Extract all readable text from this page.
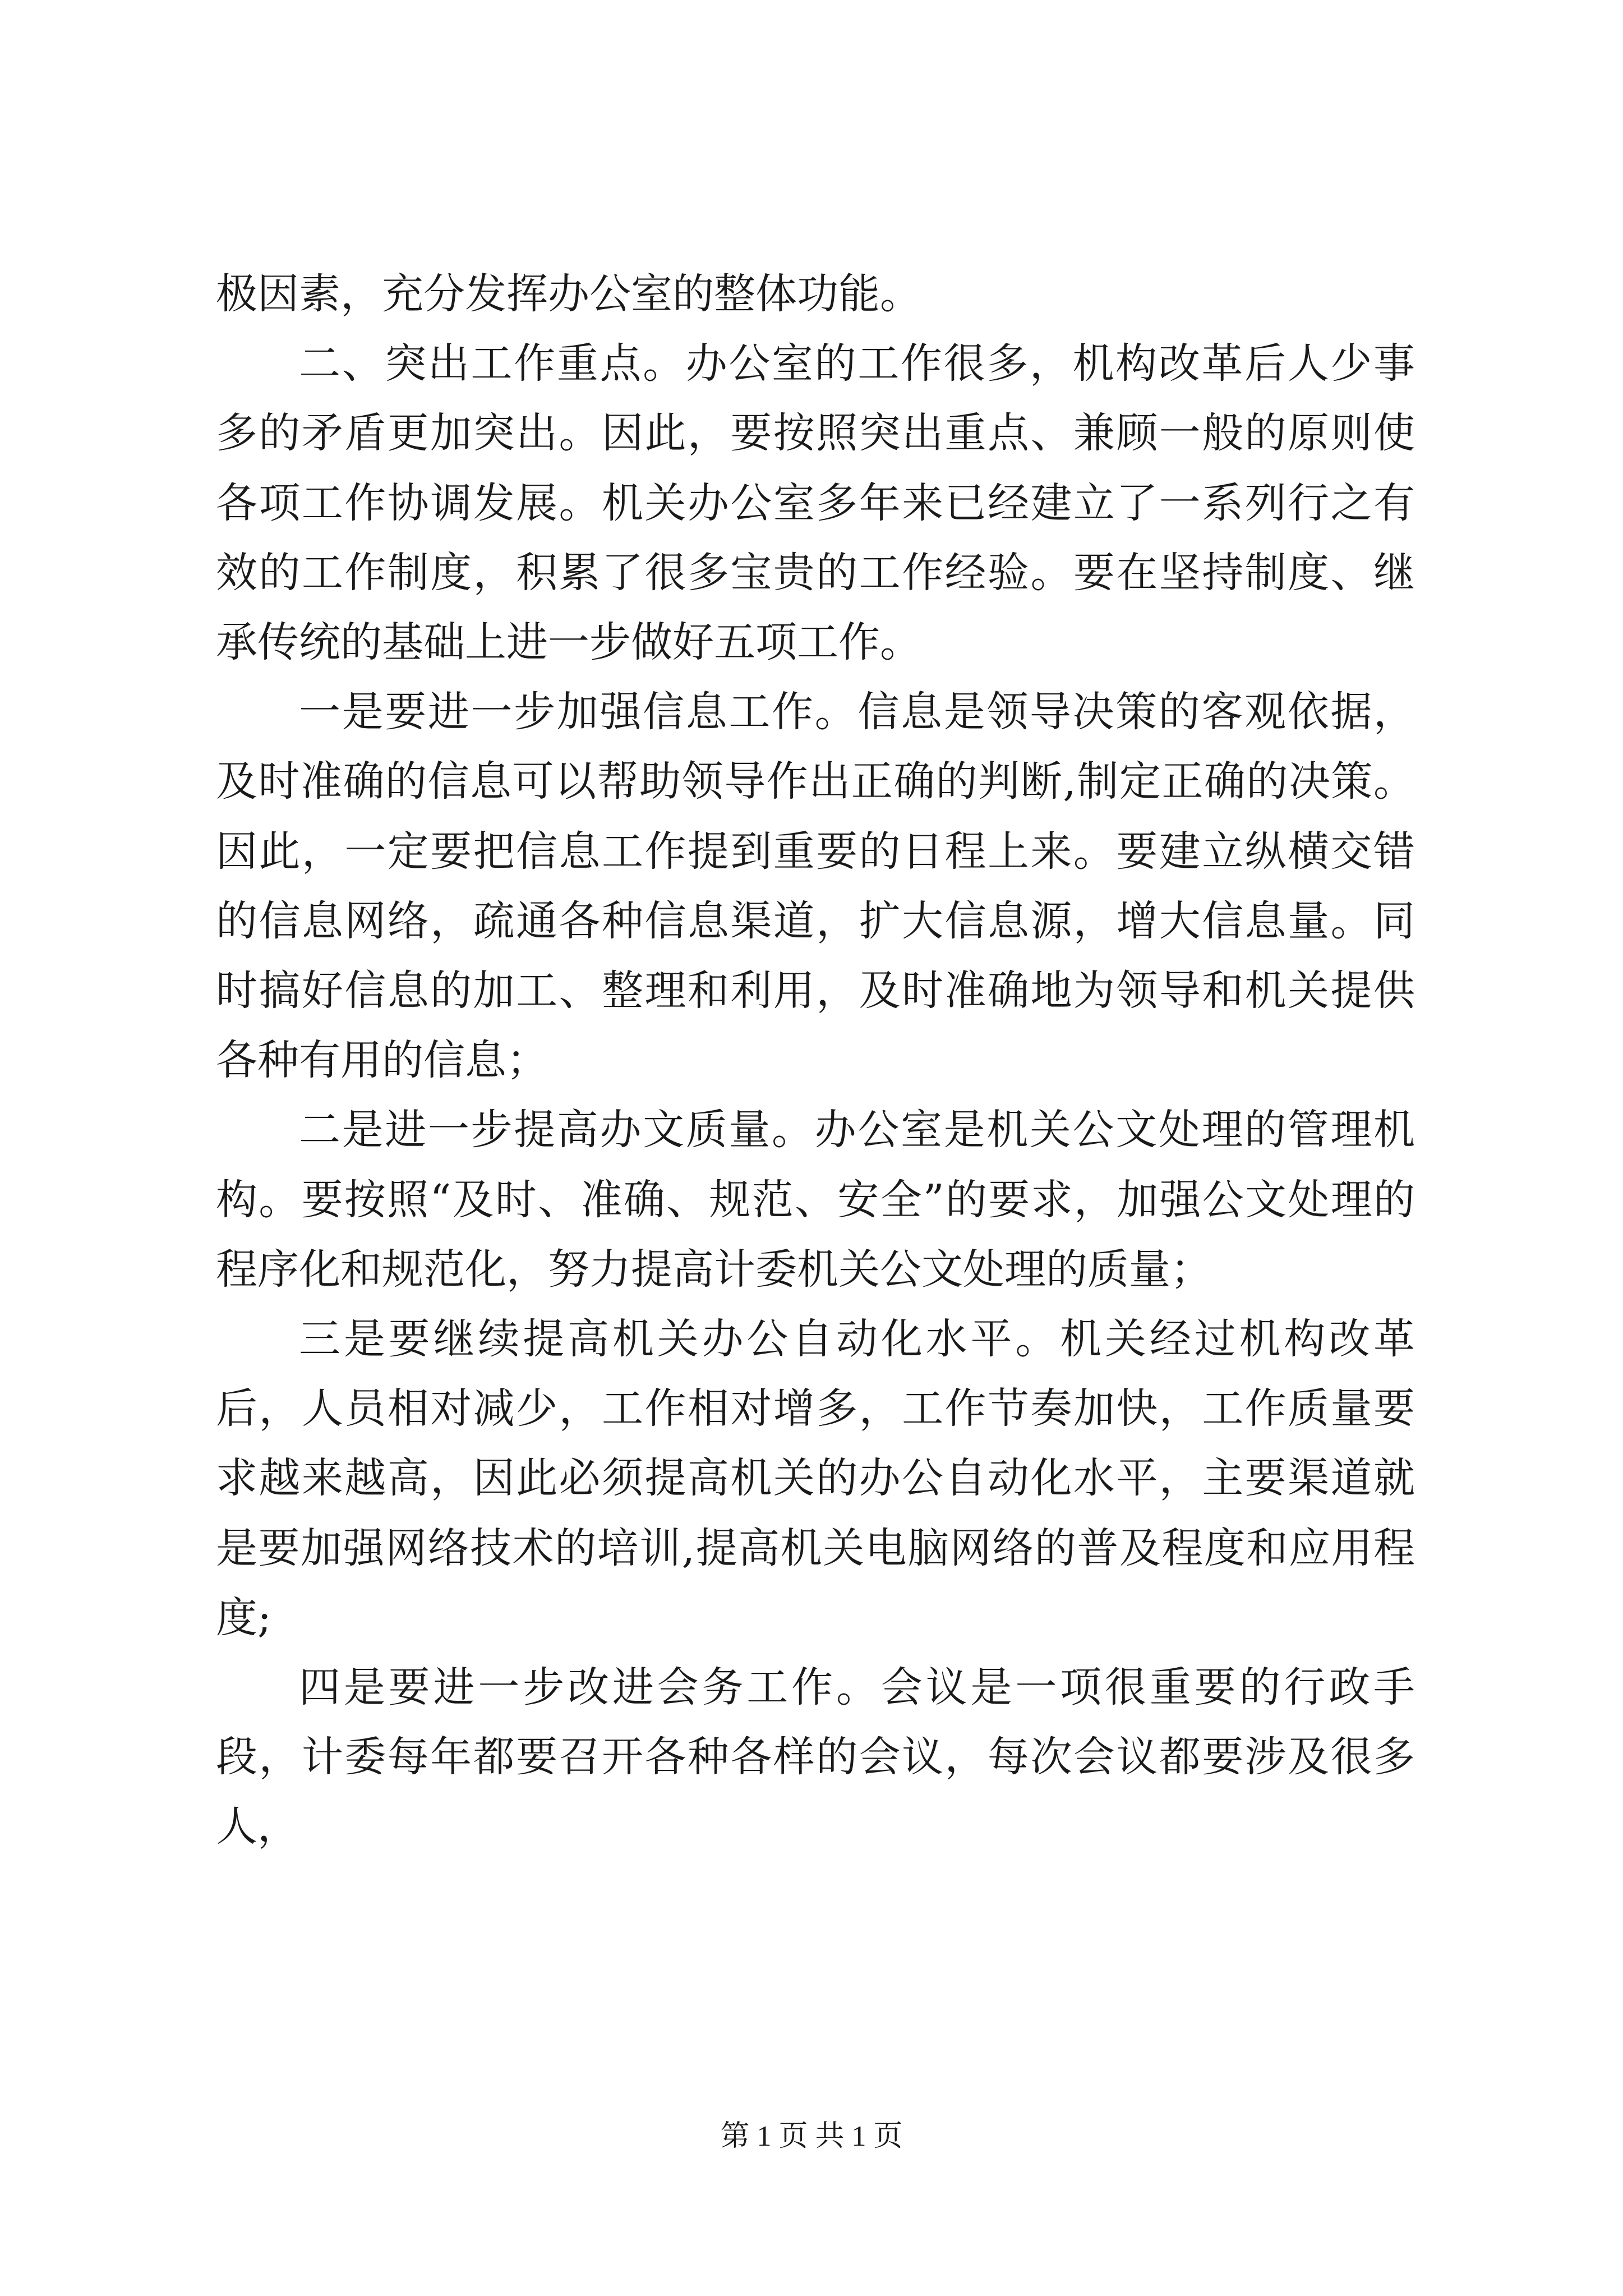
极因素，充分发挥办公室的整体功能。

二、突出工作重点。办公室的工作很多，机构改革后人少事多的矛盾更加突出。因此，要按照突出重点、兼顾一般的原则使各项工作协调发展。机关办公室多年来已经建立了一系列行之有效的工作制度，积累了很多宝贵的工作经验。要在坚持制度、继承传统的基础上进一步做好五项工作。

一是要进一步加强信息工作。信息是领导决策的客观依据，及时准确的信息可以帮助领导作出正确的判断,制定正确的决策。因此，一定要把信息工作提到重要的日程上来。要建立纵横交错的信息网络，疏通各种信息渠道，扩大信息源，增大信息量。同时搞好信息的加工、整理和利用，及时准确地为领导和机关提供各种有用的信息；

二是进一步提高办文质量。办公室是机关公文处理的管理机构。要按照“及时、准确、规范、安全”的要求，加强公文处理的程序化和规范化，努力提高计委机关公文处理的质量；

三是要继续提高机关办公自动化水平。机关经过机构改革后，人员相对减少，工作相对增多，工作节奏加快，工作质量要求越来越高，因此必须提高机关的办公自动化水平，主要渠道就是要加强网络技术的培训,提高机关电脑网络的普及程度和应用程度;

四是要进一步改进会务工作。会议是一项很重要的行政手段，计委每年都要召开各种各样的会议，每次会议都要涉及很多人，

第 1 页 共 1 页
